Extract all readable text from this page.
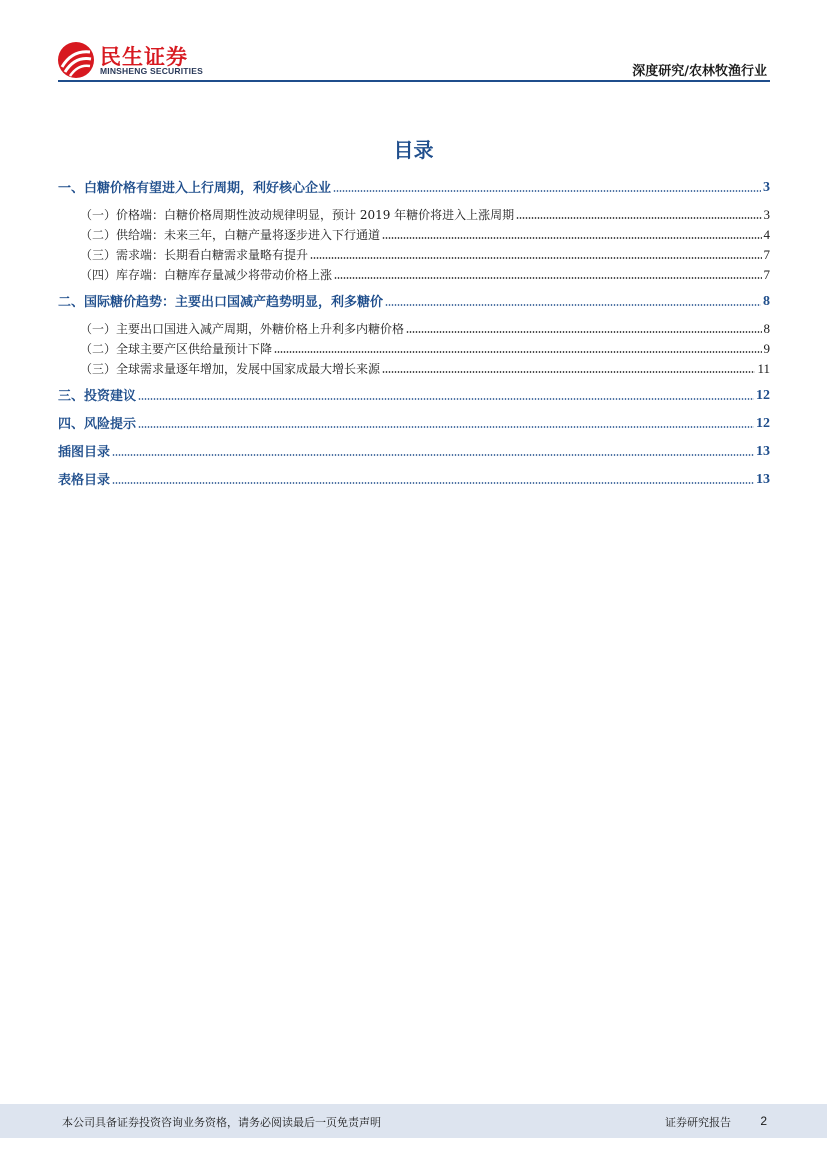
民生证券
MINSHENG SECURITIES	深度研究/农林牧渔行业
目录
一、白糖价格有望进入上行周期，利好核心企业	3
（一）价格端：白糖价格周期性波动规律明显，预计 2019 年糖价将进入上涨周期	3
（二）供给端：未来三年，白糖产量将逐步进入下行通道	4
（三）需求端：长期看白糖需求量略有提升	7
（四）库存端：白糖库存量减少将带动价格上涨	7
二、国际糖价趋势：主要出口国减产趋势明显，利多糖价	8
（一）主要出口国进入减产周期，外糖价格上升利多内糖价格	8
（二）全球主要产区供给量预计下降	9
（三）全球需求量逐年增加，发展中国家成最大增长来源	11
三、投资建议	12
四、风险提示	12
插图目录	13
表格目录	13
本公司具备证券投资咨询业务资格，请务必阅读最后一页免责声明	证券研究报告 2
